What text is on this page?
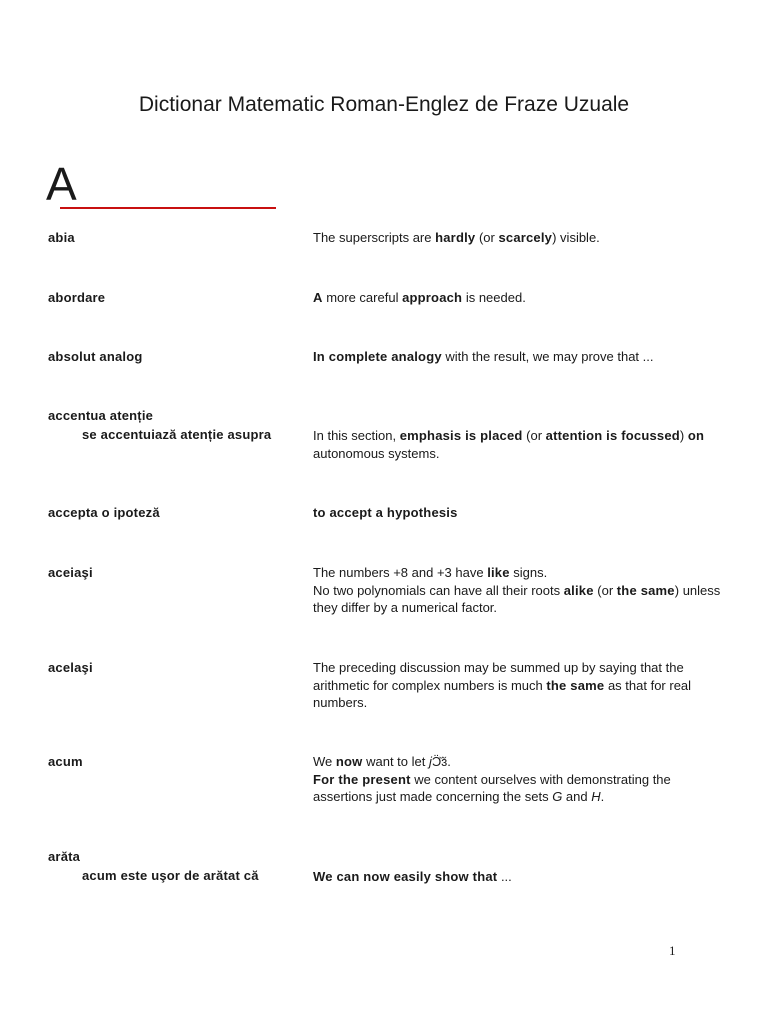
Dictionar Matematic Roman-Englez de Fraze Uzuale
A
abia	The superscripts are hardly (or scarcely) visible.
abordare	A more careful approach is needed.
absolut analog	In complete analogy with the result, we may prove that ...
accentua atenție
se accentuiază atenție asupra	In this section, emphasis is placed (or attention is focussed) on autonomous systems.
accepta o ipoteză	to accept a hypothesis
aceiaşi	The numbers +8 and +3 have like signs.
No two polynomials can have all their roots alike (or the same) unless they differ by a numerical factor.
acelaşi	The preceding discussion may be summed up by saying that the arithmetic for complex numbers is much the same as that for real numbers.
acum	We now want to let jƆ̈̆ɜ̆.
For the present we content ourselves with demonstrating the assertions just made concerning the sets G and H.
arăta
acum este uşor de arătat că	We can now easily show that ...
1
